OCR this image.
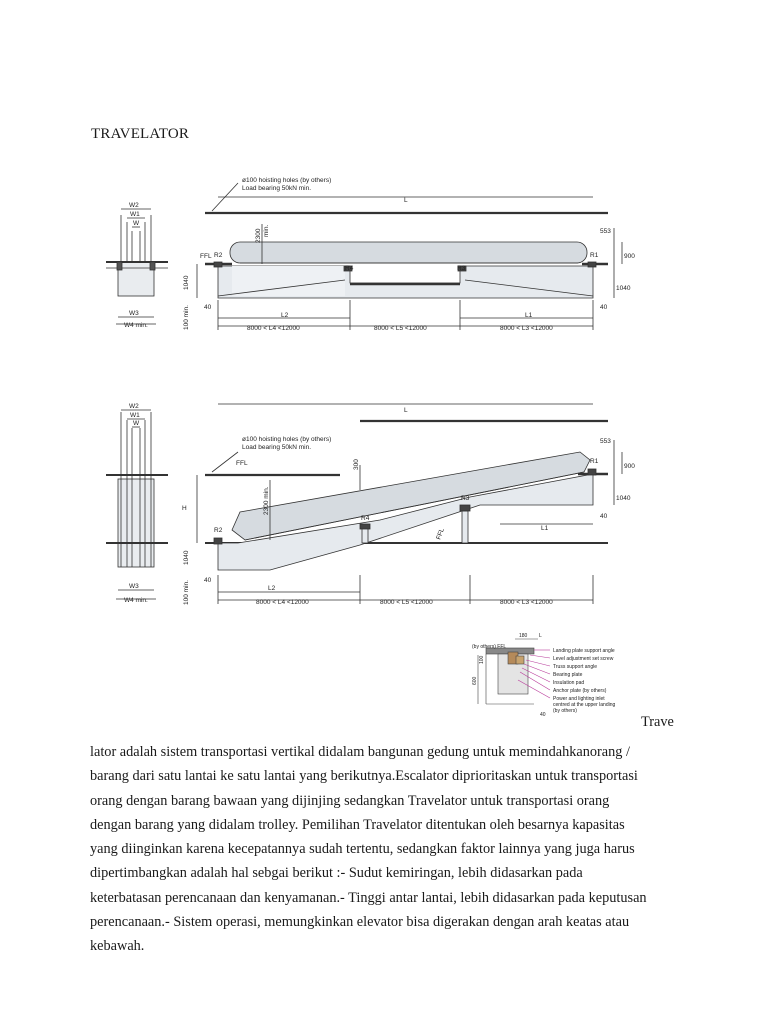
TRAVELATOR
ø100 hoisting holes (by others)
Load bearing 50kN min.
L
553
900
1040
40	40
FFL	R1
R2
R3
R4
L1
L2
8000 < L4 <12000	8000 < L5 <12000	8000 < L3 <12000
W2
W1
W
W3
W4 min.
2300 min.
1040
100 min.
ø100 hoisting holes (by others)
Load bearing 50kN min.
L
553
900
1040
40
40
FFL	R1
R2
R3
R4
L1
L2
8000 < L4 <12000	8000 < L5 <12000	8000 < L3 <12000
W2
W1
W
W3
W4 min.
H
300
2300 min.
FFL
1040
100 min.
180 L
(by others) FFL
100
600
40
Landing plate support angle
Level adjustment set screw
Truss support angle
Bearing plate
Insulation pad
Anchor plate (by others)
Power and lighting inlet
centred at the upper landing
(by others)
Trave
lator adalah sistem transportasi vertikal didalam bangunan gedung untuk memindahkanorang /
barang dari satu lantai ke satu lantai yang berikutnya.Escalator diprioritaskan untuk transportasi
orang dengan barang bawaan yang dijinjing sedangkan Travelator untuk transportasi orang
dengan barang yang didalam trolley. Pemilihan Travelator ditentukan oleh besarnya kapasitas
yang diinginkan karena kecepatannya sudah tertentu, sedangkan faktor lainnya yang juga harus
dipertimbangkan adalah hal sebgai berikut :- Sudut kemiringan, lebih didasarkan pada
keterbatasan perencanaan dan kenyamanan.- Tinggi antar lantai, lebih didasarkan pada keputusan
perencanaan.- Sistem operasi, memungkinkan elevator bisa digerakan dengan arah keatas atau
kebawah.
